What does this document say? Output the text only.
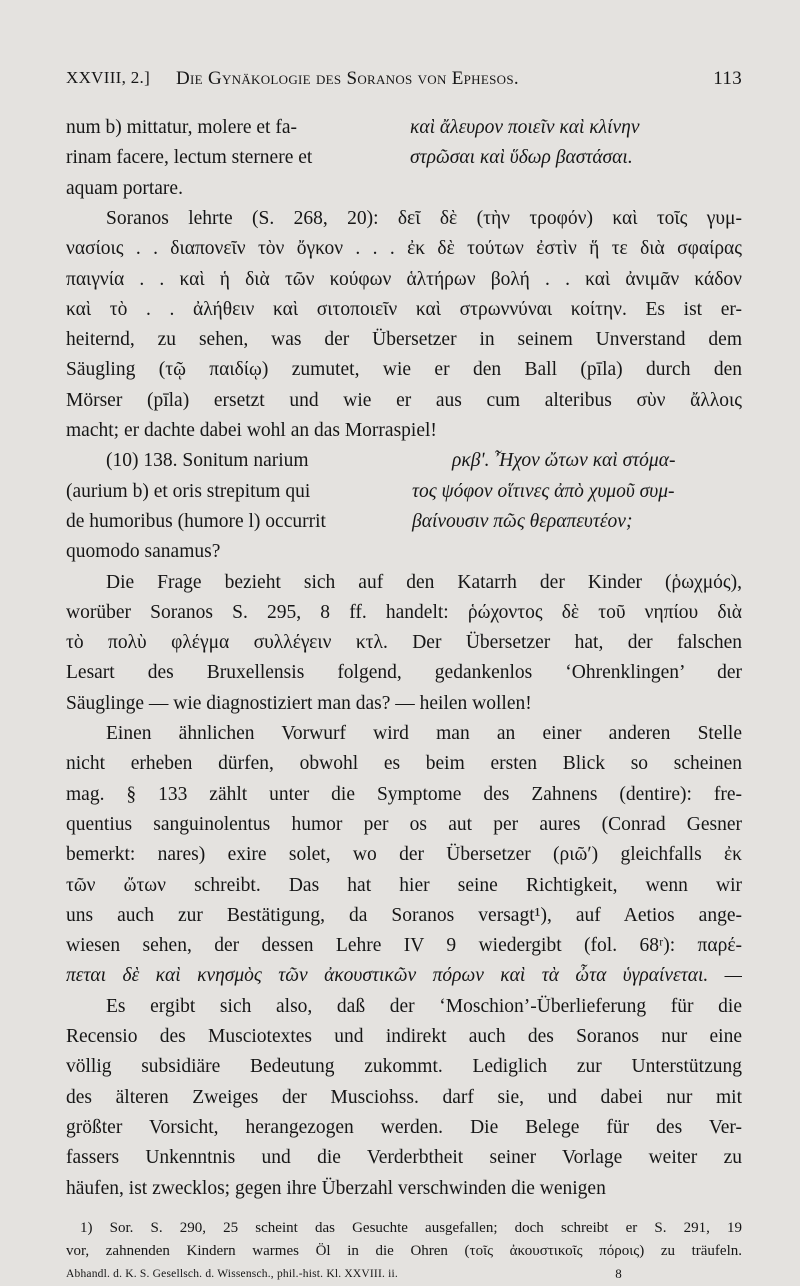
XXVIII, 2.] Die Gynäkologie des Soranos von Ephesos.	113
num b) mittatur, molere et fa-	καὶ ἄλευρον ποιεῖν καὶ κλίνην
rinam facere, lectum sternere et	στρῶσαι καὶ ὕδωρ βαστάσαι.
aquam portare.
Soranos lehrte (S. 268, 20): δεῖ δὲ (τὴν τροφόν) καὶ τοῖς γυμ-
νασίοις . . διαπονεῖν τὸν ὄγκον . . . ἐκ δὲ τούτων ἐστὶν ἥ τε διὰ σφαίρας
παιγνία . . καὶ ἡ διὰ τῶν κούφων ἁλτήρων βολή . . καὶ ἀνιμᾶν κάδον
καὶ τὸ . . ἀλήθειν καὶ σιτοποιεῖν καὶ στρωννύναι κοίτην. Es ist er-
heiternd, zu sehen, was der Übersetzer in seinem Unverstand dem
Säugling (τῷ παιδίῳ) zumutet, wie er den Ball (pīla) durch den
Mörser (pīla) ersetzt und wie er aus cum alteribus σὺν ἄλλοις
macht; er dachte dabei wohl an das Morraspiel!
(10) 138. Sonitum narium	ρκβʹ. Ἦχον ὤτων καὶ στόμα-
(aurium b) et oris strepitum qui	τος ψόφον οἵτινες ἀπὸ χυμοῦ συμ-
de humoribus (humore l) occurrit	βαίνουσιν πῶς θεραπευτέον;
quomodo sanamus?
Die Frage bezieht sich auf den Katarrh der Kinder (ῥωχμός),
worüber Soranos S. 295, 8 ff. handelt: ῥώχοντος δὲ τοῦ νηπίου διὰ
τὸ πολὺ φλέγμα συλλέγειν κτλ. Der Übersetzer hat, der falschen
Lesart des Bruxellensis folgend, gedankenlos ‘Ohrenklingen’ der
Säuglinge — wie diagnostiziert man das? — heilen wollen!
Einen ähnlichen Vorwurf wird man an einer anderen Stelle
nicht erheben dürfen, obwohl es beim ersten Blick so scheinen
mag. § 133 zählt unter die Symptome des Zahnens (dentire): fre-
quentius sanguinolentus humor per os aut per aures (Conrad Gesner
bemerkt: nares) exire solet, wo der Übersetzer (ριῶʹ) gleichfalls ἐκ
τῶν ὤτων schreibt. Das hat hier seine Richtigkeit, wenn wir
uns auch zur Bestätigung, da Soranos versagt¹), auf Aetios ange-
wiesen sehen, der dessen Lehre IV 9 wiedergibt (fol. 68ʳ): παρέ-
πεται δὲ καὶ κνησμὸς τῶν ἀκουστικῶν πόρων καὶ τὰ ὦτα ὑγραίνεται. —
Es ergibt sich also, daß der ‘Moschion’-Überlieferung für die
Recensio des Musciotextes und indirekt auch des Soranos nur eine
völlig subsidiäre Bedeutung zukommt. Lediglich zur Unterstützung
des älteren Zweiges der Musciohss. darf sie, und dabei nur mit
größter Vorsicht, herangezogen werden. Die Belege für des Ver-
fassers Unkenntnis und die Verderbtheit seiner Vorlage weiter zu
häufen, ist zwecklos; gegen ihre Überzahl verschwinden die wenigen
1) Sor. S. 290, 25 scheint das Gesuchte ausgefallen; doch schreibt er S. 291, 19
vor, zahnenden Kindern warmes Öl in die Ohren (τοῖς ἀκουστικοῖς πόροις) zu träufeln.
Abhandl. d. K. S. Gesellsch. d. Wissensch., phil.-hist. Kl. XXVIII. ii.	8
